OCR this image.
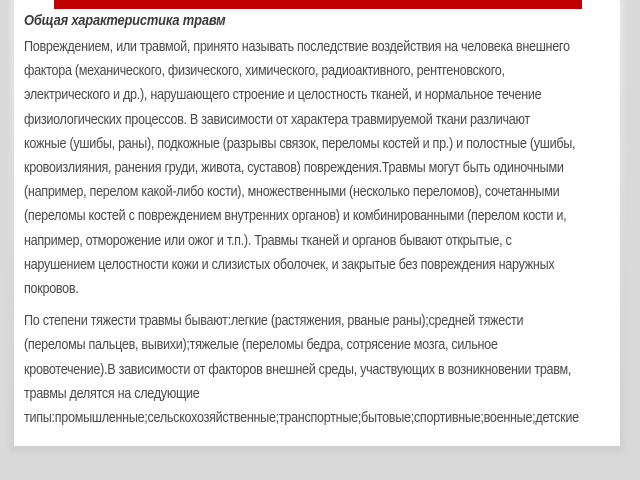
Общая характеристика травм

Повреждением, или травмой, принято называть последствие воздействия на человека внешнего
фактора (механического, физического, химического, радиоактивного, рентгеновского,
электрического и др.), нарушающего строение и целостность тканей, и нормальное течение
физиологических процессов. В зависимости от характера травмируемой ткани различают
кожные (ушибы, раны), подкожные (разрывы связок, переломы костей и пр.) и полостные (ушибы,
кровоизлияния, ранения груди, живота, суставов) повреждения.Травмы могут быть одиночными
(например, перелом какой-либо кости), множественными (несколько переломов), сочетанными
(переломы костей с повреждением внутренних органов) и комбинированными (перелом кости и,
например, отморожение или ожог и т.п.). Травмы тканей и органов бывают открытые, с
нарушением целостности кожи и слизистых оболочек, и закрытые без повреждения наружных
покровов.

По степени тяжести травмы бывают:легкие (растяжения, рваные раны);средней тяжести
(переломы пальцев, вывихи);тяжелые (переломы бедра, сотрясение мозга, сильное
кровотечение).В зависимости от факторов внешней среды, участвующих в возникновении травм,
травмы делятся на следующие
типы:промышленные;сельскохозяйственные;транспортные;бытовые;спортивные;военные;детские
